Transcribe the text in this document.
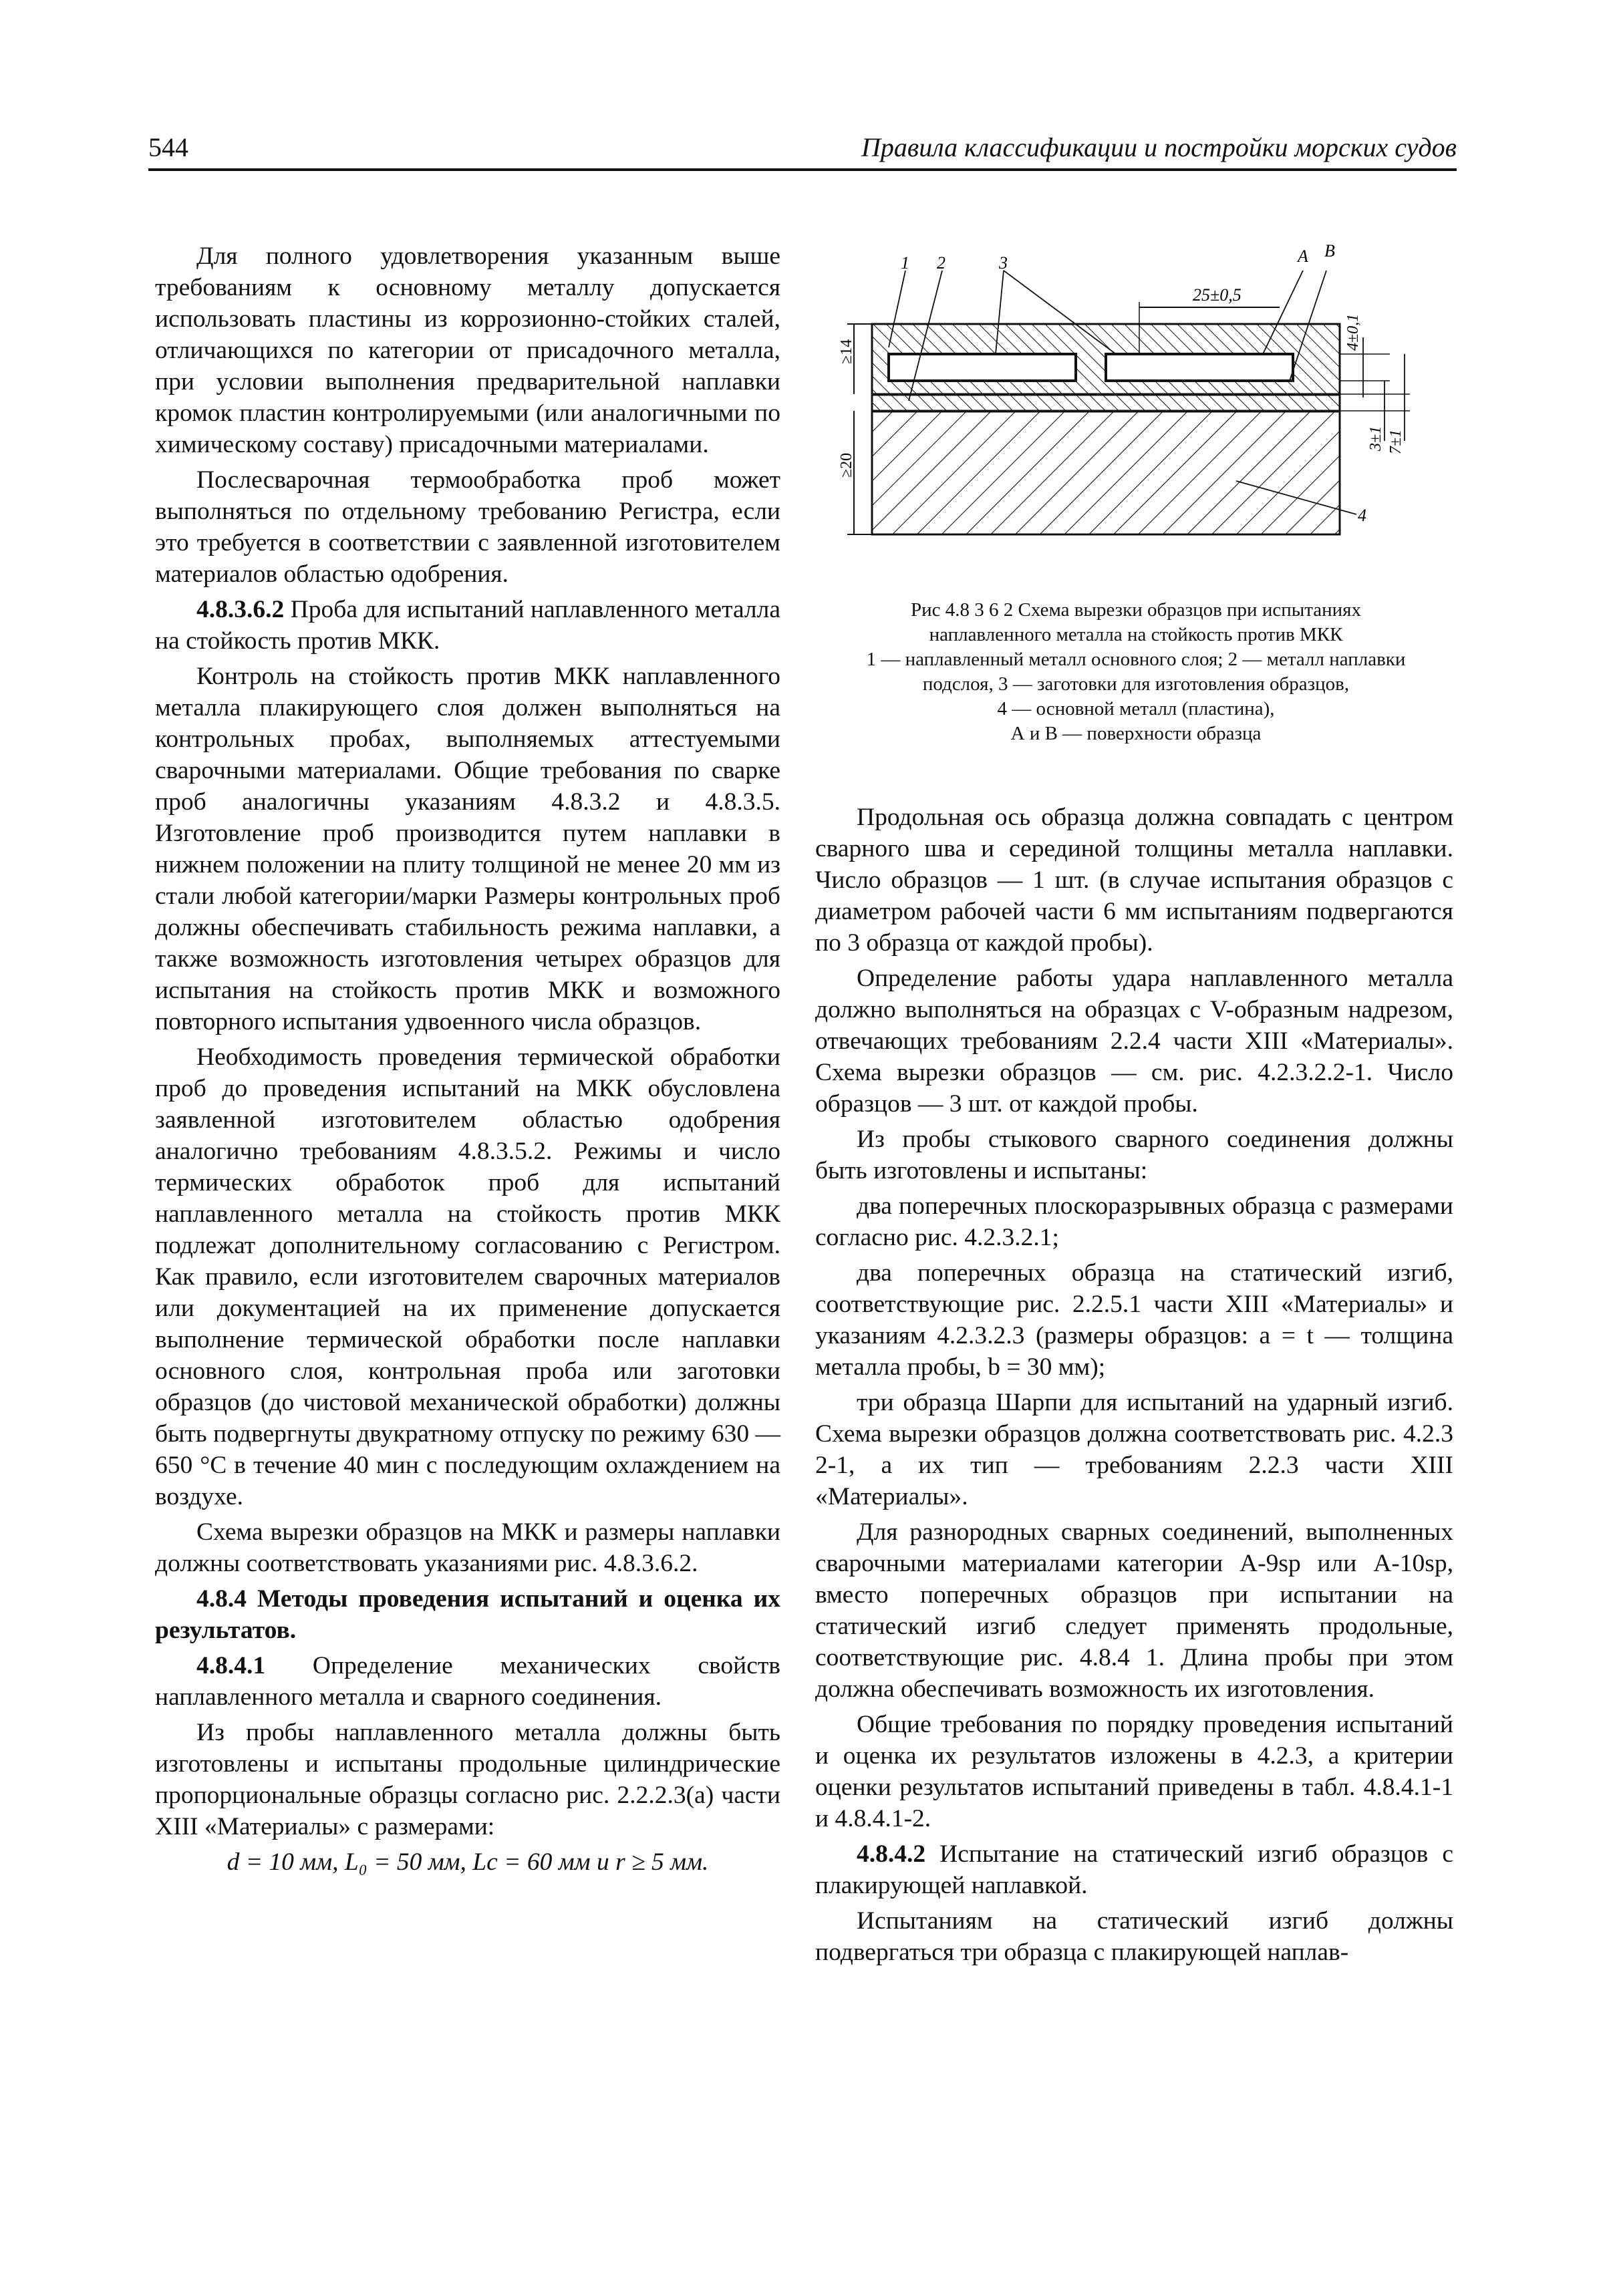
544	Правила классификации и постройки морских судов

Для полного удовлетворения указанным выше требованиям к основному металлу допускается использовать пластины из коррозионно-стойких сталей, отличающихся по категории от присадочного металла, при условии выполнения предварительной наплавки кромок пластин контролируемыми (или аналогичными по химическому составу) присадочными материалами.

Послесварочная термообработка проб может выполняться по отдельному требованию Регистра, если это требуется в соответствии с заявленной изготовителем материалов областью одобрения.

4.8.3.6.2 Проба для испытаний наплавленного металла на стойкость против МКК.

Контроль на стойкость против МКК наплавленного металла плакирующего слоя должен выполняться на контрольных пробах, выполняемых аттестуемыми сварочными материалами. Общие требования по сварке проб аналогичны указаниям 4.8.3.2 и 4.8.3.5. Изготовление проб производится путем наплавки в нижнем положении на плиту толщиной не менее 20 мм из стали любой категории/марки Размеры контрольных проб должны обеспечивать стабильность режима наплавки, а также возможность изготовления четырех образцов для испытания на стойкость против МКК и возможного повторного испытания удвоенного числа образцов.

Необходимость проведения термической обработки проб до проведения испытаний на МКК обусловлена заявленной изготовителем областью одобрения аналогично требованиям 4.8.3.5.2. Режимы и число термических обработок проб для испытаний наплавленного металла на стойкость против МКК подлежат дополнительному согласованию с Регистром. Как правило, если изготовителем сварочных материалов или документацией на их применение допускается выполнение термической обработки после наплавки основного слоя, контрольная проба или заготовки образцов (до чистовой механической обработки) должны быть подвергнуты двукратному отпуску по режиму 630 — 650 °С в течение 40 мин с последующим охлаждением на воздухе.

Схема вырезки образцов на МКК и размеры наплавки должны соответствовать указаниями рис. 4.8.3.6.2.

4.8.4 Методы проведения испытаний и оценка их результатов.

4.8.4.1 Определение механических свойств наплавленного металла и сварного соединения.

Из пробы наплавленного металла должны быть изготовлены и испытаны продольные цилиндрические пропорциональные образцы согласно рис. 2.2.2.3(а) части XIII «Материалы» с размерами:

d = 10 мм, L₀ = 50 мм, Lc = 60 мм и r ≥ 5 мм.

≥14
≥20
25±0,5
1 2	3	A B
4
4±0,1
3±1 7±1
Рис 4.8 3 6 2 Схема вырезки образцов при испытаниях
наплавленного металла на стойкость против МКК
1 — наплавленный металл основного слоя; 2 — металл наплавки
подслоя, 3 — заготовки для изготовления образцов,
4 — основной металл (пластина),
А и В — поверхности образца

Продольная ось образца должна совпадать с центром сварного шва и серединой толщины металла наплавки. Число образцов — 1 шт. (в случае испытания образцов с диаметром рабочей части 6 мм испытаниям подвергаются по 3 образца от каждой пробы).

Определение работы удара наплавленного металла должно выполняться на образцах с V-образным надрезом, отвечающих требованиям 2.2.4 части XIII «Материалы». Схема вырезки образцов — см. рис. 4.2.3.2.2-1. Число образцов — 3 шт. от каждой пробы.

Из пробы стыкового сварного соединения должны быть изготовлены и испытаны:

два поперечных плоскоразрывных образца с размерами согласно рис. 4.2.3.2.1;

два поперечных образца на статический изгиб, соответствующие рис. 2.2.5.1 части XIII «Материалы» и указаниям 4.2.3.2.3 (размеры образцов: a = t — толщина металла пробы, b = 30 мм);

три образца Шарпи для испытаний на ударный изгиб. Схема вырезки образцов должна соответствовать рис. 4.2.3 2-1, а их тип — требованиям 2.2.3 части XIII «Материалы».

Для разнородных сварных соединений, выполненных сварочными материалами категории A-9sp или A-10sp, вместо поперечных образцов при испытании на статический изгиб следует применять продольные, соответствующие рис. 4.8.4 1. Длина пробы при этом должна обеспечивать возможность их изготовления.

Общие требования по порядку проведения испытаний и оценка их результатов изложены в 4.2.3, а критерии оценки результатов испытаний приведены в табл. 4.8.4.1-1 и 4.8.4.1-2.

4.8.4.2 Испытание на статический изгиб образцов с плакирующей наплавкой.

Испытаниям на статический изгиб должны подвергаться три образца с плакирующей наплав-
